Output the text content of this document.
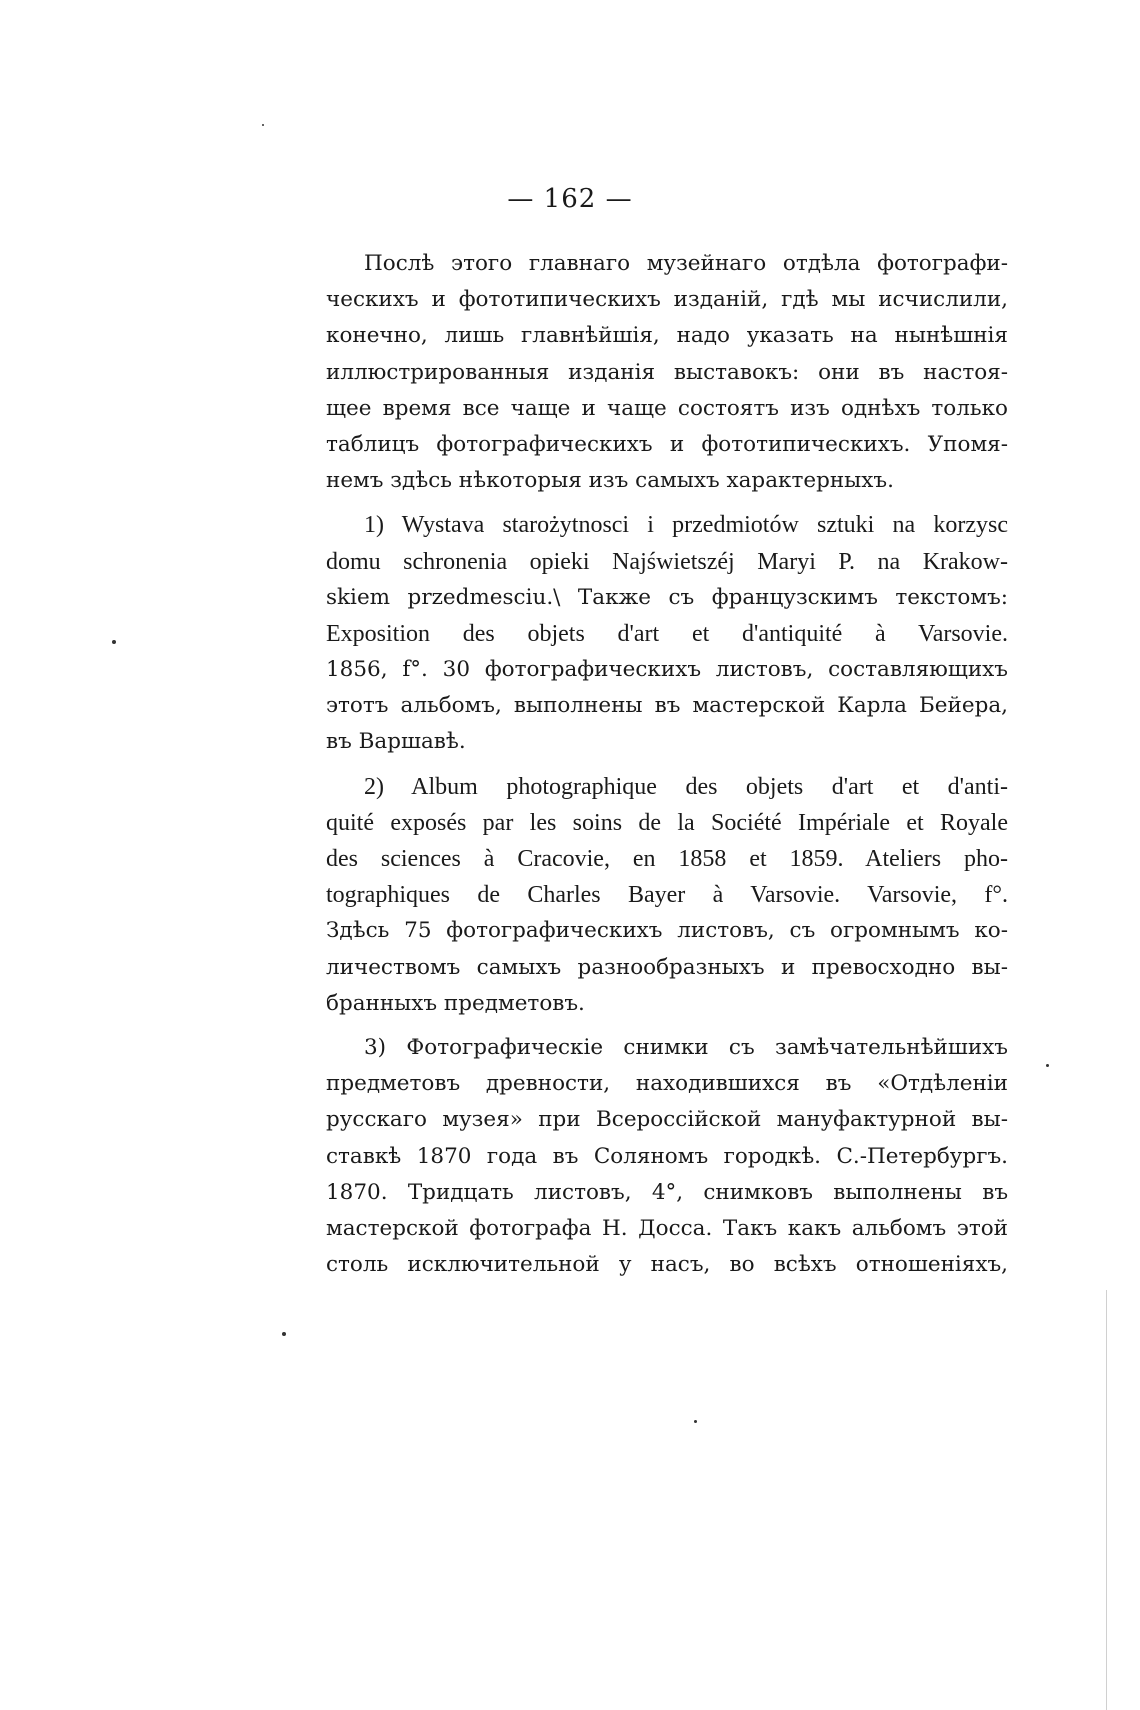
— 162 —
Послѣ этого главнаго музейнаго отдѣла фотографи-
ческихъ и фототипическихъ изданій, гдѣ мы исчислили,
конечно, лишь главнѣйшія, надо указать на нынѣшнія
иллюстрированныя изданія выставокъ: они въ настоя-
щее время все чаще и чаще состоятъ изъ однѣхъ только
таблицъ фотографическихъ и фототипическихъ. Упомя-
немъ здѣсь нѣкоторыя изъ самыхъ характерныхъ.
1) Wystava starożytnosci i przedmiotów sztuki na korzysc
domu schronenia opieki Najświetszéj Maryi P. na Krakow-
skiem przedmesciu.\ Также съ французскимъ текстомъ:
Exposition des objets d'art et d'antiquité à Varsovie.
1856, f°. 30 фотографическихъ листовъ, составляющихъ
этотъ альбомъ, выполнены въ мастерской Карла Бейера,
въ Варшавѣ.
2) Album photographique des objets d'art et d'anti-
quité exposés par les soins de la Société Impériale et Royale
des sciences à Cracovie, en 1858 et 1859. Ateliers pho-
tographiques de Charles Bayer à Varsovie. Varsovie, f°.
Здѣсь 75 фотографическихъ листовъ, съ огромнымъ ко-
личествомъ самыхъ разнообразныхъ и превосходно вы-
бранныхъ предметовъ.
3) Фотографическіе снимки съ замѣчательнѣйшихъ
предметовъ древности, находившихся въ «Отдѣленіи
русскаго музея» при Всероссійской мануфактурной вы-
ставкѣ 1870 года въ Соляномъ городкѣ. С.-Петербургъ.
1870. Тридцать листовъ, 4°, снимковъ выполнены въ
мастерской фотографа Н. Досса. Такъ какъ альбомъ этой
столь исключительной у насъ, во всѣхъ отношеніяхъ,
